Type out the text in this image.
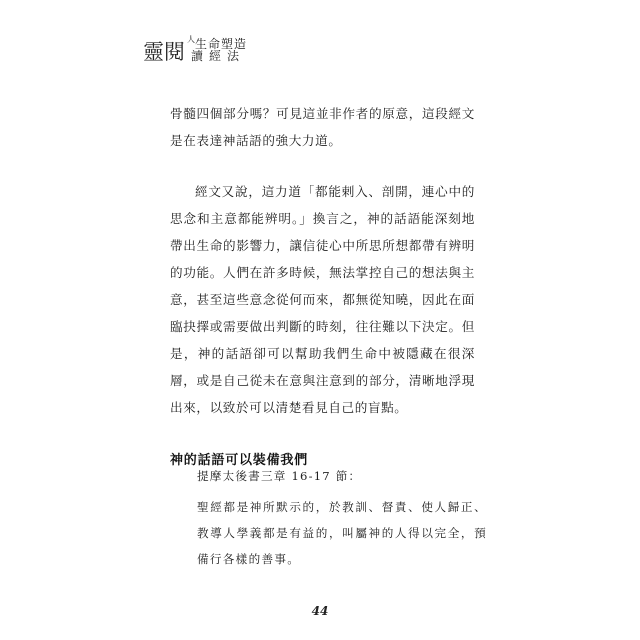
靈閱
人 生命塑造
讀經法

骨髓四個部分嗎？可見這並非作者的原意，這段經文是在表達神話語的強大力道。

經文又說，這力道「都能剌入、剖開，連心中的思念和主意都能辨明。」換言之，神的話語能深刻地帶出生命的影響力，讓信徒心中所思所想都帶有辨明的功能。人們在許多時候，無法掌控自己的想法與主意，甚至這些意念從何而來，都無從知曉，因此在面臨抉擇或需要做出判斷的時刻，往往難以下決定。但是，神的話語卻可以幫助我們生命中被隱藏在很深層，或是自己從未在意與注意到的部分，清晰地浮現出來，以致於可以清楚看見自己的盲點。

神的話語可以裝備我們

提摩太後書三章 16-17 節：

聖經都是神所默示的，於教訓、督責、使人歸正、教導人學義都是有益的，叫屬神的人得以完全，預備行各樣的善事。

44
